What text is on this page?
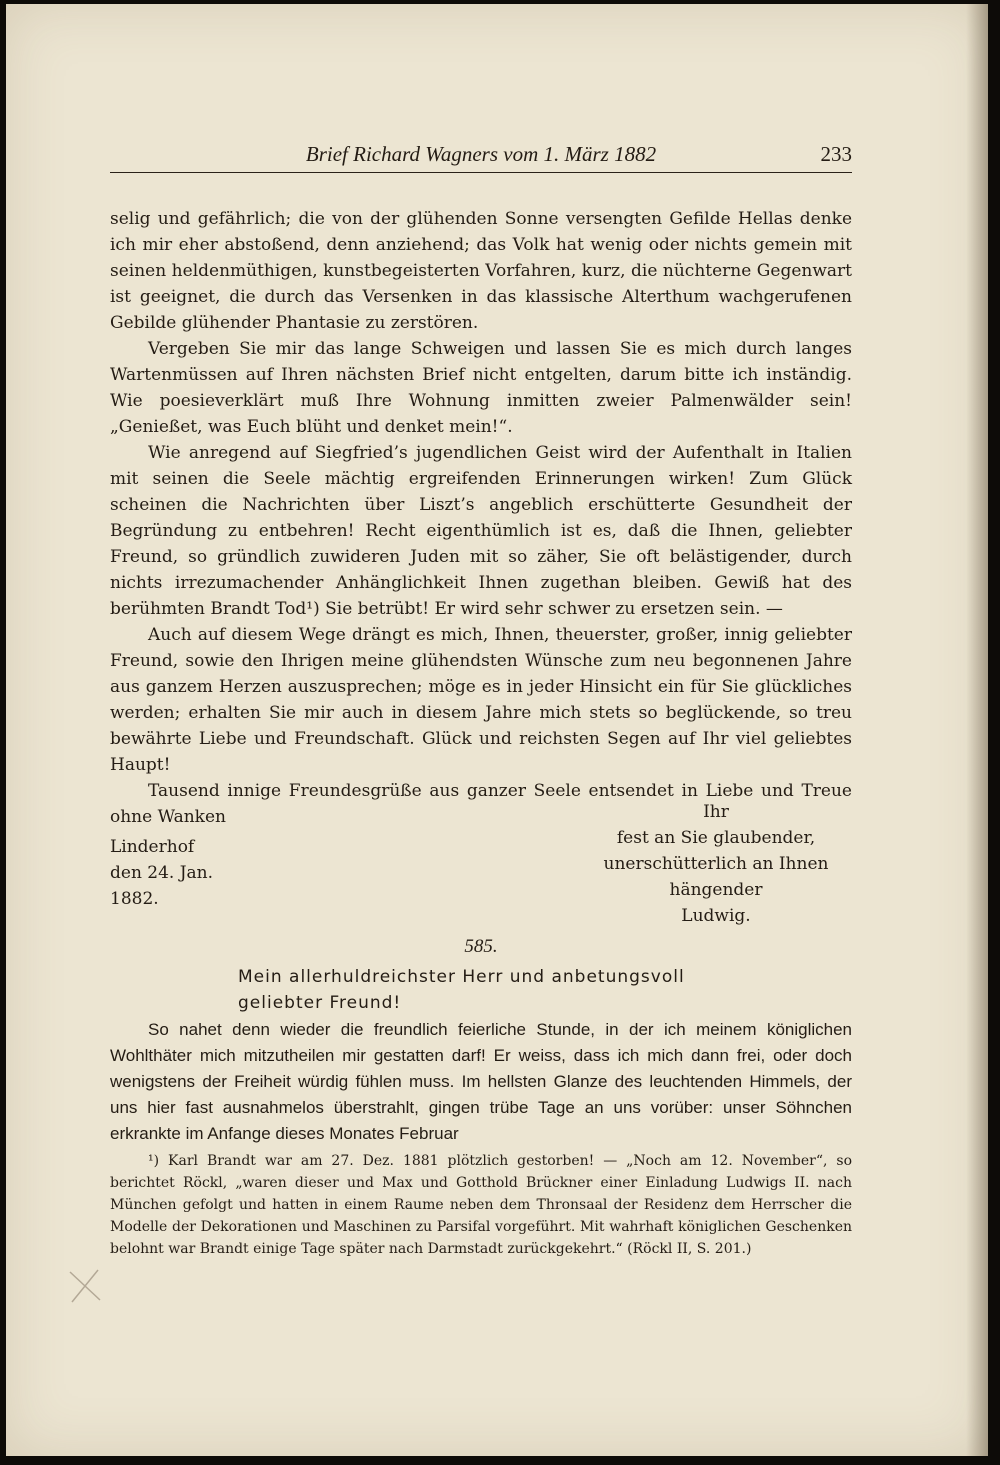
Brief Richard Wagners vom 1. März 1882	233

selig und gefährlich; die von der glühenden Sonne versengten Gefilde Hellas denke ich mir eher abstoßend, denn anziehend; das Volk hat wenig oder nichts gemein mit seinen heldenmüthigen, kunstbegeisterten Vorfahren, kurz, die nüchterne Gegenwart ist geeignet, die durch das Versenken in das klassische Alterthum wachgerufenen Gebilde glühender Phantasie zu zerstören.

Vergeben Sie mir das lange Schweigen und lassen Sie es mich durch langes Wartenmüssen auf Ihren nächsten Brief nicht entgelten, darum bitte ich inständig. Wie poesieverklärt muß Ihre Wohnung inmitten zweier Palmenwälder sein! „Genießet, was Euch blüht und denket mein!“.

Wie anregend auf Siegfried’s jugendlichen Geist wird der Aufenthalt in Italien mit seinen die Seele mächtig ergreifenden Erinnerungen wirken! Zum Glück scheinen die Nachrichten über Liszt’s angeblich erschütterte Gesundheit der Begründung zu entbehren! Recht eigenthümlich ist es, daß die Ihnen, geliebter Freund, so gründlich zuwideren Juden mit so zäher, Sie oft belästigender, durch nichts irrezumachender Anhänglichkeit Ihnen zugethan bleiben. Gewiß hat des berühmten Brandt Tod¹) Sie betrübt! Er wird sehr schwer zu ersetzen sein. —

Auch auf diesem Wege drängt es mich, Ihnen, theuerster, großer, innig geliebter Freund, sowie den Ihrigen meine glühendsten Wünsche zum neu begonnenen Jahre aus ganzem Herzen auszusprechen; möge es in jeder Hinsicht ein für Sie glückliches werden; erhalten Sie mir auch in diesem Jahre mich stets so beglückende, so treu bewährte Liebe und Freundschaft. Glück und reichsten Segen auf Ihr viel geliebtes Haupt!

Tausend innige Freundesgrüße aus ganzer Seele entsendet in Liebe und Treue ohne Wanken

Linderhof
den 24. Jan.
1882.
Ihr
fest an Sie glaubender,
unerschütterlich an Ihnen
hängender
Ludwig.
585.
Mein allerhuldreichster Herr und anbetungsvoll
geliebter Freund!

So nahet denn wieder die freundlich feierliche Stunde, in der ich meinem königlichen Wohlthäter mich mitzutheilen mir gestatten darf! Er weiss, dass ich mich dann frei, oder doch wenigstens der Freiheit würdig fühlen muss. Im hellsten Glanze des leuchtenden Himmels, der uns hier fast ausnahmelos überstrahlt, gingen trübe Tage an uns vorüber: unser Söhnchen erkrankte im Anfange dieses Monates Februar

¹) Karl Brandt war am 27. Dez. 1881 plötzlich gestorben! — „Noch am 12. November“, so berichtet Röckl, „waren dieser und Max und Gotthold Brückner einer Einladung Ludwigs II. nach München gefolgt und hatten in einem Raume neben dem Thronsaal der Residenz dem Herrscher die Modelle der Dekorationen und Maschinen zu Parsifal vorgeführt. Mit wahrhaft königlichen Geschenken belohnt war Brandt einige Tage später nach Darmstadt zurückgekehrt.“ (Röckl II, S. 201.)
